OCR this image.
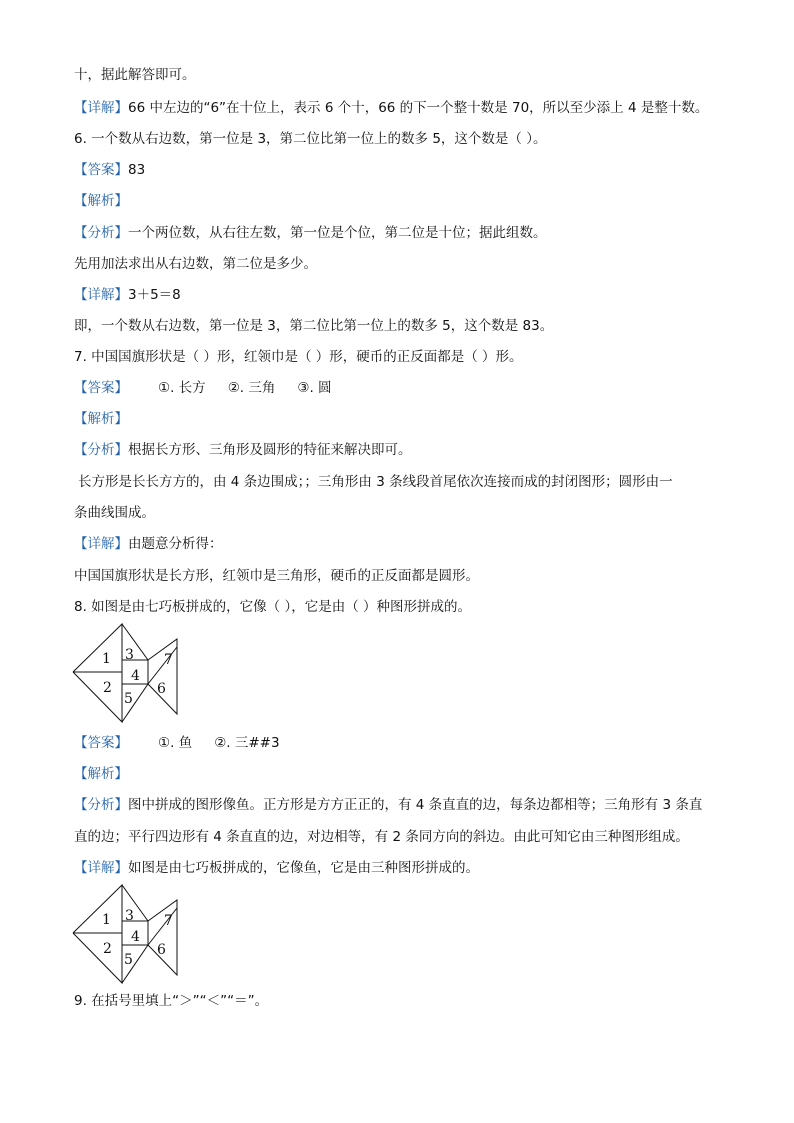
十，据此解答即可。
【详解】66 中左边的“6”在十位上，表示 6 个十，66 的下一个整十数是 70，所以至少添上 4 是整十数。
6. 一个数从右边数，第一位是 3，第二位比第一位上的数多 5，这个数是（ ）。
【答案】83
【解析】
【分析】一个两位数，从右往左数，第一位是个位，第二位是十位；据此组数。
先用加法求出从右边数，第二位是多少。
【详解】3＋5＝8
即，一个数从右边数，第一位是 3，第二位比第一位上的数多 5，这个数是 83。
7. 中国国旗形状是（ ）形，红领巾是（ ）形，硬币的正反面都是（ ）形。
【答案】 ①. 长方 ②. 三角 ③. 圆
【解析】
【分析】根据长方形、三角形及圆形的特征来解决即可。
长方形是长长方方的，由 4 条边围成；；三角形由 3 条线段首尾依次连接而成的封闭图形；圆形由一
条曲线围成。
【详解】由题意分析得：
中国国旗形状是长方形，红领巾是三角形，硬币的正反面都是圆形。
8. 如图是由七巧板拼成的，它像（ ），它是由（ ）种图形拼成的。
1
2
3
4
5
6
7
【答案】 ①. 鱼 ②. 三##3
【解析】
【分析】图中拼成的图形像鱼。正方形是方方正正的，有 4 条直直的边，每条边都相等；三角形有 3 条直
直的边；平行四边形有 4 条直直的边，对边相等，有 2 条同方向的斜边。由此可知它由三种图形组成。
【详解】如图是由七巧板拼成的，它像鱼，它是由三种图形拼成的。
1
2
3
4
5
6
7
9. 在括号里填上“＞”“＜”“＝”。
